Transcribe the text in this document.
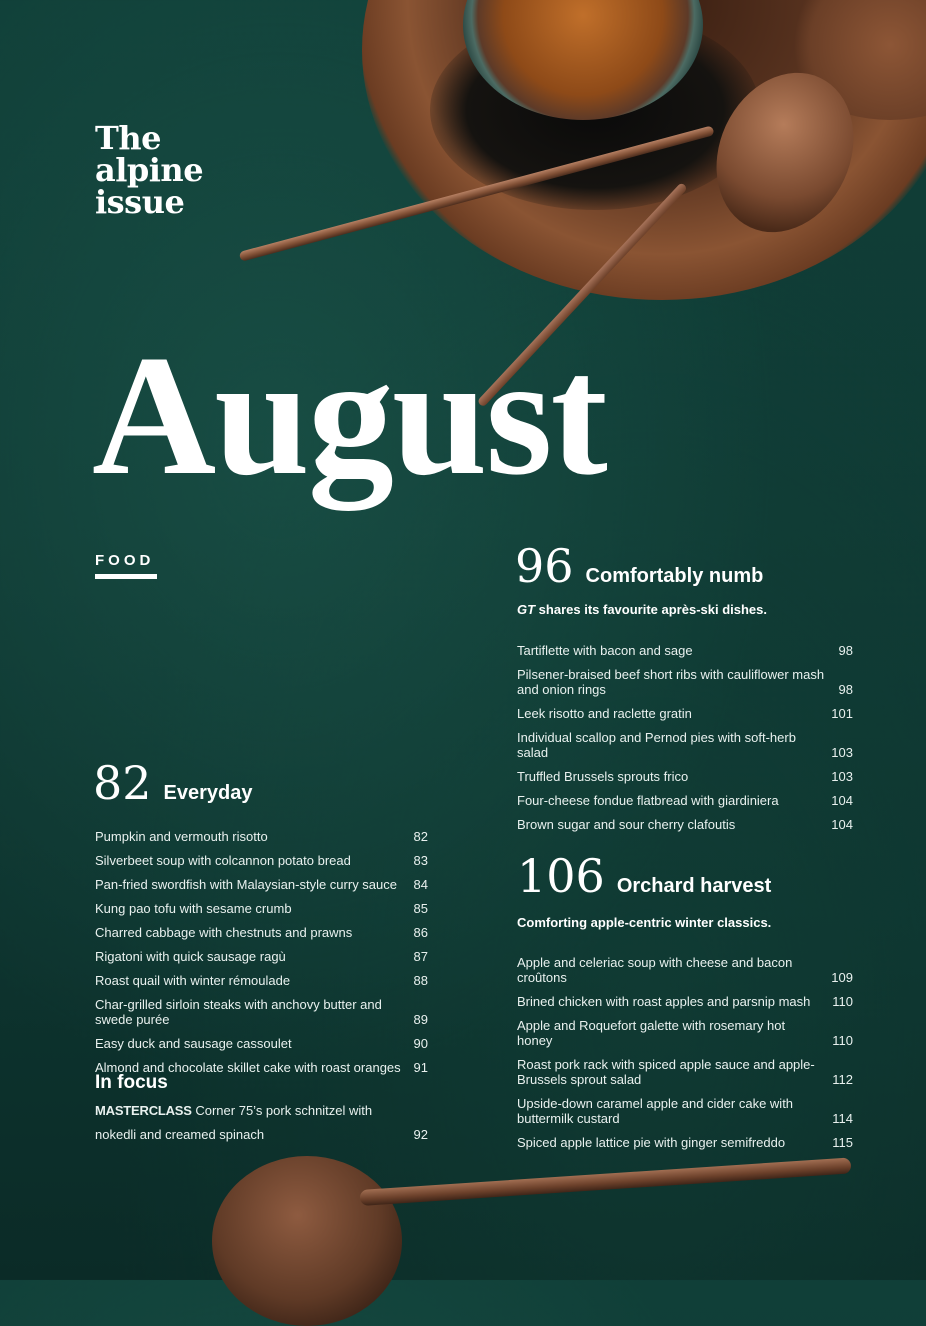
The
alpine
issue
August
FOOD	96 Comfortably numb
GT shares its favourite après-ski dishes.
Tartiflette with bacon and sage	98
Pilsener-braised beef short ribs with cauliflower mash and onion rings	98
Leek risotto and raclette gratin	101
Individual scallop and Pernod pies with soft-herb salad	103
Truffled Brussels sprouts frico	103
Four-cheese fondue flatbread with giardiniera	104
Brown sugar and sour cherry clafoutis	104
106 Orchard harvest
Comforting apple-centric winter classics.
Apple and celeriac soup with cheese and bacon croûtons	109
Brined chicken with roast apples and parsnip mash	110
Apple and Roquefort galette with rosemary hot honey	110
Roast pork rack with spiced apple sauce and apple-Brussels sprout salad	112
Upside-down caramel apple and cider cake with buttermilk custard	114
Spiced apple lattice pie with ginger semifreddo	115
82 Everyday
Pumpkin and vermouth risotto	82
Silverbeet soup with colcannon potato bread	83
Pan-fried swordfish with Malaysian-style curry sauce	84
Kung pao tofu with sesame crumb	85
Charred cabbage with chestnuts and prawns	86
Rigatoni with quick sausage ragù	87
Roast quail with winter rémoulade	88
Char-grilled sirloin steaks with anchovy butter and swede purée	89
Easy duck and sausage cassoulet	90
Almond and chocolate skillet cake with roast oranges 91
In focus
MASTERCLASS Corner 75’s pork schnitzel with
nokedli and creamed spinach	92
